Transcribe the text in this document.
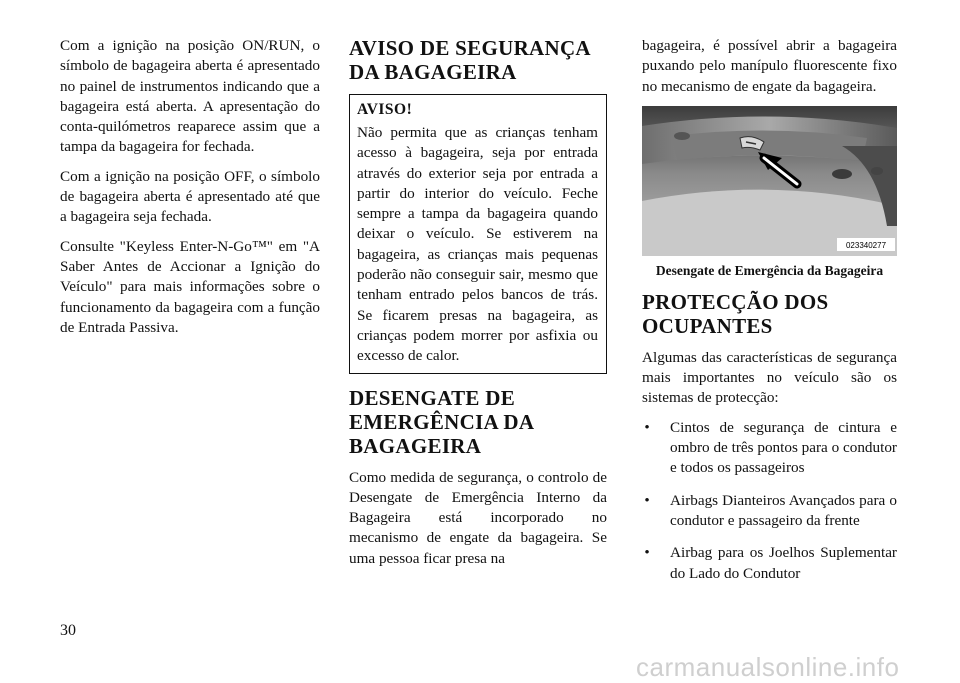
Com a ignição na posição ON/RUN, o símbolo de bagageira aberta é apresentado no painel de instrumentos indicando que a bagageira está aberta. A apresentação do conta-quilómetros reaparece assim que a tampa da bagageira for fechada.

Com a ignição na posição OFF, o símbolo de bagageira aberta é apresentado até que a bagageira seja fechada.

Consulte "Keyless Enter-N-Go™" em "A Saber Antes de Accionar a Ignição do Veículo" para mais informações sobre o funcionamento da bagageira com a função de Entrada Passiva.

AVISO DE SEGURANÇA DA BAGAGEIRA
AVISO!

Não permita que as crianças tenham acesso à bagageira, seja por entrada através do exterior seja por entrada a partir do interior do veículo. Feche sempre a tampa da bagageira quando deixar o veículo. Se estiverem na bagageira, as crianças mais pequenas poderão não conseguir sair, mesmo que tenham entrado pelos bancos de trás. Se ficarem presas na bagageira, as crianças podem morrer por asfixia ou excesso de calor.

DESENGATE DE EMERGÊNCIA DA BAGAGEIRA

Como medida de segurança, o controlo de Desengate de Emergência Interno da Bagageira está incorporado no mecanismo de engate da bagageira. Se uma pessoa ficar presa na

bagageira, é possível abrir a bagageira puxando pelo manípulo fluorescente fixo no mecanismo de engate da bagageira.

023340277
Desengate de Emergência da Bagageira
PROTECÇÃO DOS OCUPANTES

Algumas das características de segurança mais importantes no veículo são os sistemas de protecção:

• Cintos de segurança de cintura e ombro de três pontos para o condutor e todos os passageiros
• Airbags Dianteiros Avançados para o condutor e passageiro da frente
• Airbag para os Joelhos Suplementar do Lado do Condutor
30
carmanualsonline.info
